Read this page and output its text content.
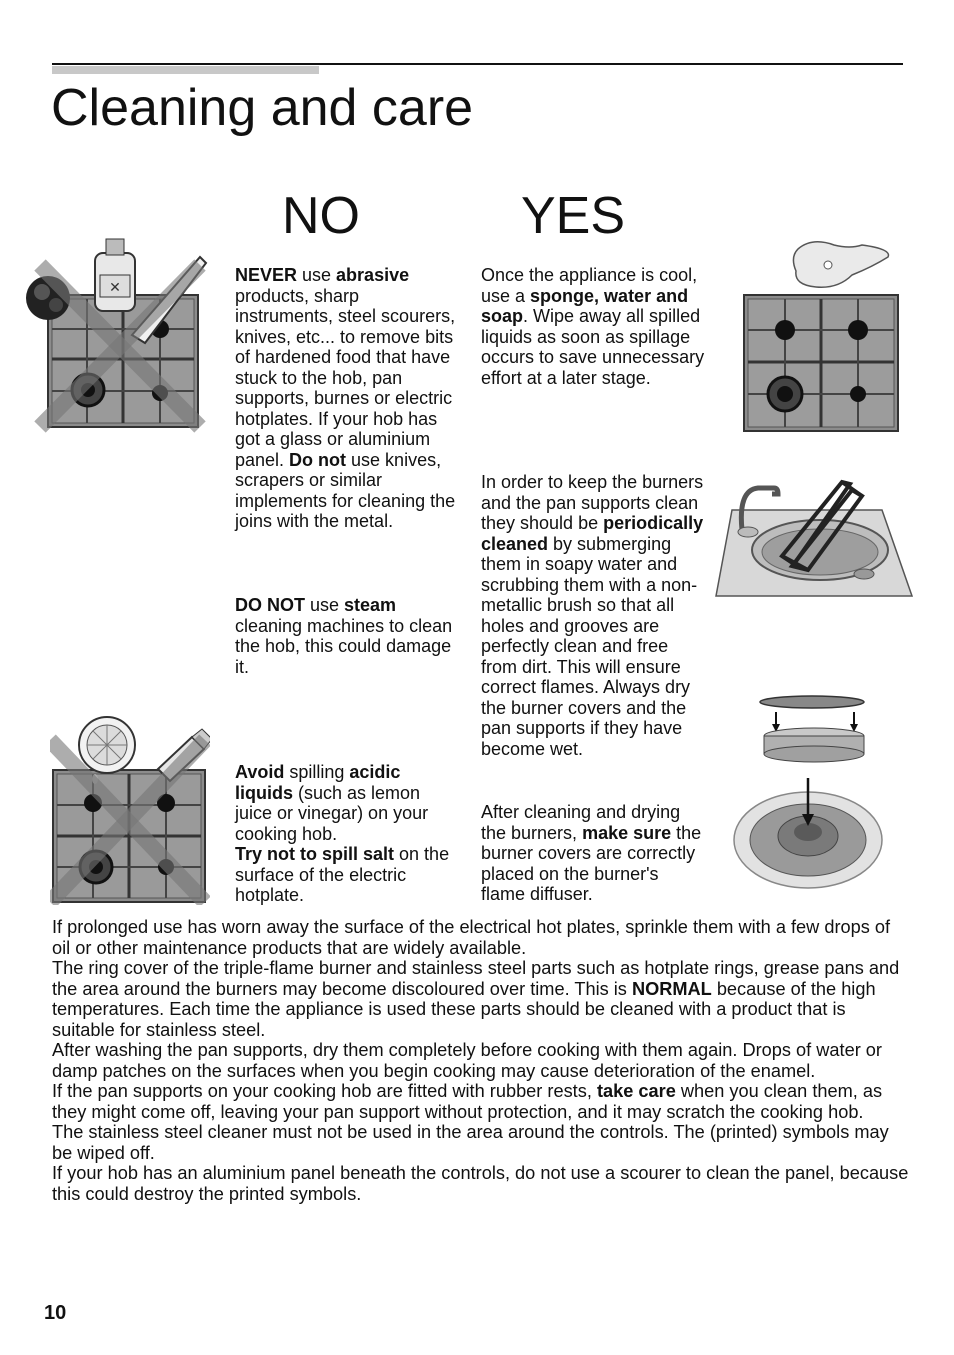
Cleaning and care
NO	YES
NEVER use abrasive products, sharp instruments, steel scourers, knives, etc... to remove bits of hardened food that have stuck to the hob, pan supports, burnes or electric hotplates. If your hob has got a glass or aluminium panel. Do not use knives, scrapers or similar implements for cleaning the joins with the metal.
DO NOT use steam cleaning machines to clean the hob, this could damage it.
Avoid spilling acidic liquids (such as lemon juice or vinegar) on your cooking hob.
Try not to spill salt on the surface of the electric hotplate.
Once the appliance is cool, use a sponge, water and soap. Wipe away all spilled liquids as soon as spillage occurs to save unnecessary effort at a later stage.
In order to keep the burners and the pan supports clean they should be periodically cleaned by submerging them in soapy water and scrubbing them with a non-metallic brush so that all holes and grooves are perfectly clean and free from dirt. This will ensure correct flames. Always dry the burner covers and the pan supports if they have become wet.
After cleaning and drying the burners, make sure the burner covers are correctly placed on the burner's flame diffuser.
✕

If prolonged use has worn away the surface of the electrical hot plates, sprinkle them with a few drops of oil or other maintenance products that are widely available.

The ring cover of the triple-flame burner and stainless steel parts such as hotplate rings, grease pans and the area around the burners may become discoloured over time. This is NORMAL because of the high temperatures. Each time the appliance is used these parts should be cleaned with a product that is suitable for stainless steel.

After washing the pan supports, dry them completely before cooking with them again. Drops of water or damp patches on the surfaces when you begin cooking may cause deterioration of the enamel.

If the pan supports on your cooking hob are fitted with rubber rests, take care when you clean them, as they might come off, leaving your pan support without protection, and it may scratch the cooking hob.

The stainless steel cleaner must not be used in the area around the controls. The (printed) symbols may be wiped off.

If your hob has an aluminium panel beneath the controls, do not use a scourer to clean the panel, because this could destroy the printed symbols.

10
